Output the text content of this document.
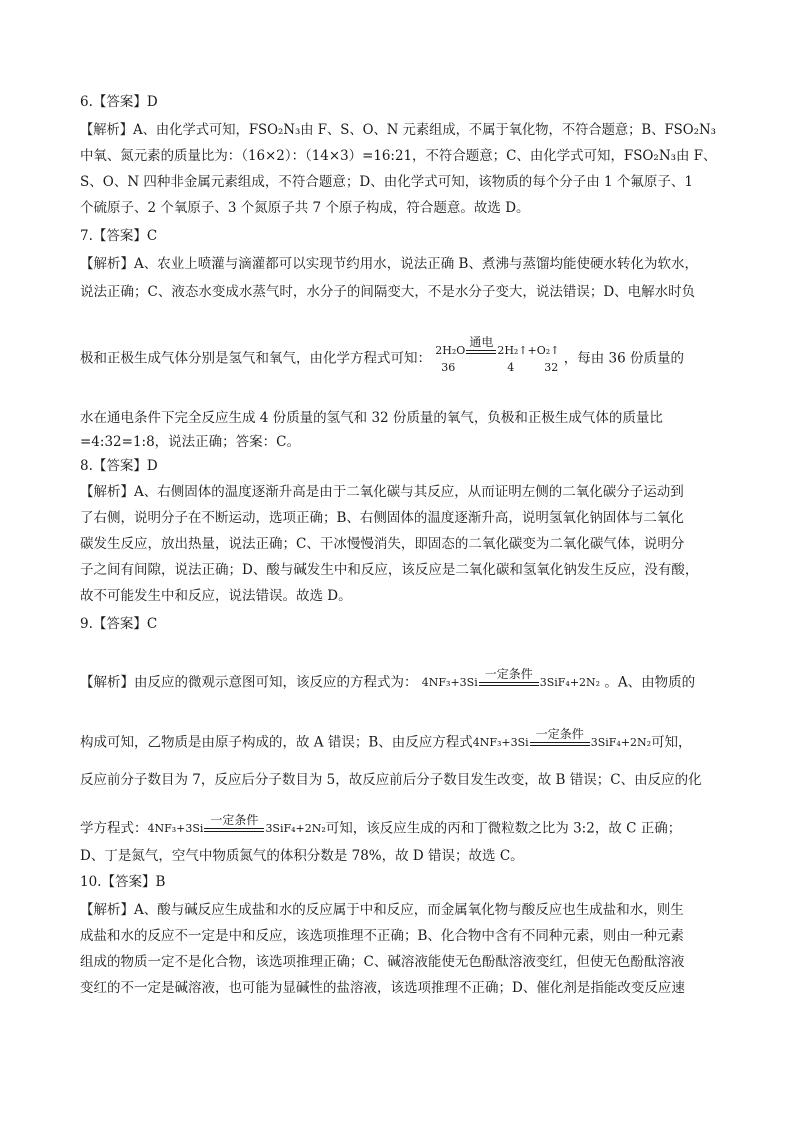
6.【答案】D
【解析】A、由化学式可知，FSO₂N₃由 F、S、O、N 元素组成，不属于氧化物，不符合题意；B、FSO₂N₃
中氧、氮元素的质量比为：（16×2）：（14×3）=16:21，不符合题意；C、由化学式可知，FSO₂N₃由 F、
S、O、N 四种非金属元素组成，不符合题意；D、由化学式可知，该物质的每个分子由 1 个氟原子、1
个硫原子、2 个氧原子、3 个氮原子共 7 个原子构成，符合题意。故选 D。
7.【答案】C
【解析】A、农业上喷灌与滴灌都可以实现节约用水，说法正确 B、煮沸与蒸馏均能使硬水转化为软水，
说法正确；C、液态水变成水蒸气时，水分子的间隔变大，不是水分子变大，说法错误；D、电解水时负
极和正极生成气体分别是氢气和氧气，由化学方程式可知： 2H₂O
通电
2H₂↑+O₂↑
36	4	32
，每由 36 份质量的
水在通电条件下完全反应生成 4 份质量的氢气和 32 份质量的氧气，负极和正极生成气体的质量比
=4:32=1:8，说法正确；答案：C。
8.【答案】D
【解析】A、右侧固体的温度逐渐升高是由于二氧化碳与其反应，从而证明左侧的二氧化碳分子运动到
了右侧，说明分子在不断运动，选项正确；B、右侧固体的温度逐渐升高，说明氢氧化钠固体与二氧化
碳发生反应，放出热量，说法正确；C、干冰慢慢消失，即固态的二氧化碳变为二氧化碳气体，说明分
子之间有间隙，说法正确；D、酸与碱发生中和反应，该反应是二氧化碳和氢氧化钠发生反应，没有酸，
故不可能发生中和反应，说法错误。故选 D。
9.【答案】C
【解析】由反应的微观示意图可知，该反应的方程式为： 4NF₃+3Si
一定条件
3SiF₄+2N₂ 。A、由物质的
构成可知，乙物质是由原子构成的，故 A 错误；B、由反应方程式4NF₃+3Si
一定条件
3SiF₄+2N₂可知，
反应前分子数目为 7，反应后分子数目为 5，故反应前后分子数目发生改变，故 B 错误；C、由反应的化
学方程式：4NF₃+3Si
一定条件
3SiF₄+2N₂可知，该反应生成的丙和丁微粒数之比为 3:2，故 C 正确；
D、丁是氮气，空气中物质氮气的体积分数是 78%，故 D 错误；故选 C。
10.【答案】B
【解析】A、酸与碱反应生成盐和水的反应属于中和反应，而金属氧化物与酸反应也生成盐和水，则生
成盐和水的反应不一定是中和反应，该选项推理不正确；B、化合物中含有不同种元素，则由一种元素
组成的物质一定不是化合物，该选项推理正确；C、碱溶液能使无色酚酞溶液变红，但使无色酚酞溶液
变红的不一定是碱溶液，也可能为显碱性的盐溶液，该选项推理不正确；D、催化剂是指能改变反应速
